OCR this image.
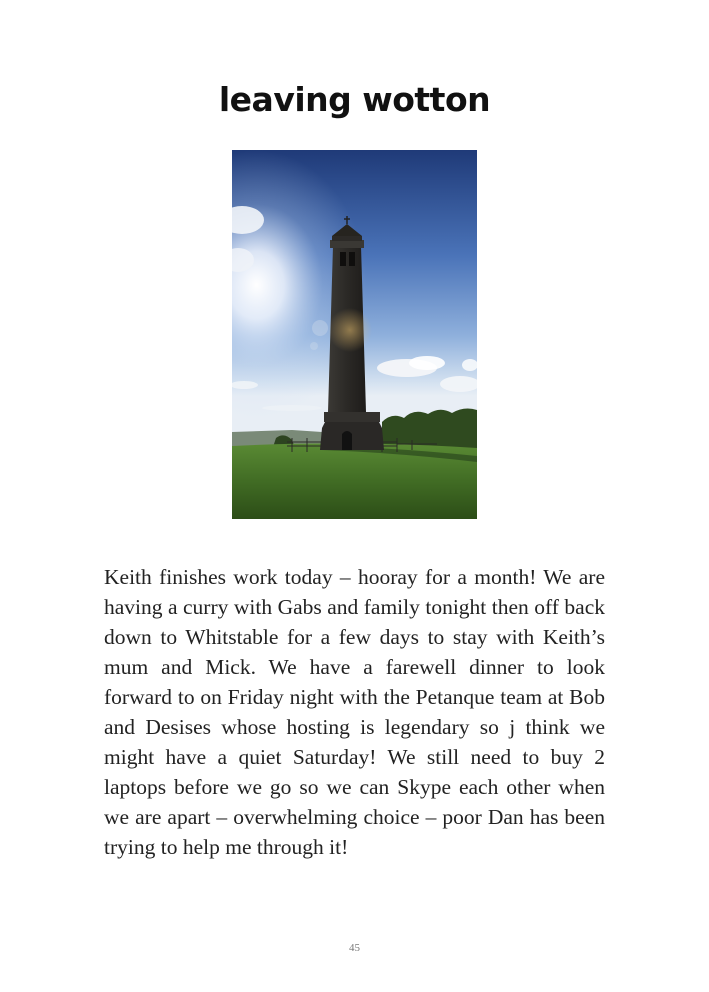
leaving wotton

Keith finishes work today – hooray for a month! We are having a curry with Gabs and family tonight then off back down to Whitstable for a few days to stay with Keith’s mum and Mick. We have a farewell dinner to look forward to on Friday night with the Petanque team at Bob and Desises whose hosting is legendary so j think we might have a quiet Saturday! We still need to buy 2 laptops before we go so we can Skype each other when we are apart – overwhelming choice – poor Dan has been trying to help me through it!

45
